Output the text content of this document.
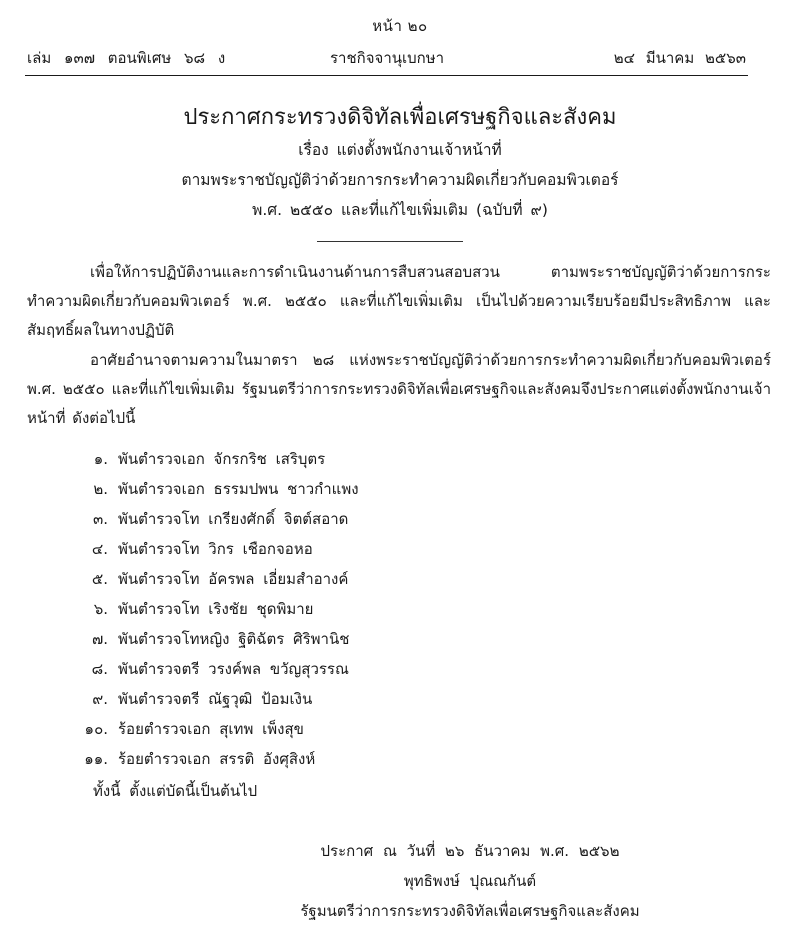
หน้า ๒๐
เล่ม ๑๓๗ ตอนพิเศษ ๖๘ ง	ราชกิจจานุเบกษา	๒๔ มีนาคม ๒๕๖๓
ประกาศกระทรวงดิจิทัลเพื่อเศรษฐกิจและสังคม
เรื่อง แต่งตั้งพนักงานเจ้าหน้าที่
ตามพระราชบัญญัติว่าด้วยการกระทำความผิดเกี่ยวกับคอมพิวเตอร์
พ.ศ. ๒๕๕๐ และที่แก้ไขเพิ่มเติม (ฉบับที่ ๙)
เพื่อให้การปฏิบัติงานและการดำเนินงานด้านการสืบสวนสอบสวน ตามพระราชบัญญัติว่าด้วยการกระทำความผิดเกี่ยวกับคอมพิวเตอร์ พ.ศ. ๒๕๕๐ และที่แก้ไขเพิ่มเติม เป็นไปด้วยความเรียบร้อยมีประสิทธิภาพ และสัมฤทธิ์ผลในทางปฏิบัติ
อาศัยอำนาจตามความในมาตรา ๒๘ แห่งพระราชบัญญัติว่าด้วยการกระทำความผิดเกี่ยวกับคอมพิวเตอร์ พ.ศ. ๒๕๕๐ และที่แก้ไขเพิ่มเติม รัฐมนตรีว่าการกระทรวงดิจิทัลเพื่อเศรษฐกิจและสังคมจึงประกาศแต่งตั้งพนักงานเจ้าหน้าที่ ดังต่อไปนี้
๑. พันตำรวจเอก จักรกริช เสริบุตร
๒. พันตำรวจเอก ธรรมปพน ชาวกำแพง
๓. พันตำรวจโท เกรียงศักดิ์ จิตต์สอาด
๔. พันตำรวจโท วิกร เชือกจอหอ
๕. พันตำรวจโท อัครพล เอี่ยมสำอางค์
๖. พันตำรวจโท เริงชัย ชุดพิมาย
๗. พันตำรวจโทหญิง ฐิติฉัตร ศิริพานิช
๘. พันตำรวจตรี วรงค์พล ขวัญสุวรรณ
๙. พันตำรวจตรี ณัฐวุฒิ ป้อมเงิน
๑๐. ร้อยตำรวจเอก สุเทพ เพ็งสุข
๑๑. ร้อยตำรวจเอก สรรติ อังศุสิงห์
ทั้งนี้ ตั้งแต่บัดนี้เป็นต้นไป
ประกาศ ณ วันที่ ๒๖ ธันวาคม พ.ศ. ๒๕๖๒
พุทธิพงษ์ ปุณณกันต์
รัฐมนตรีว่าการกระทรวงดิจิทัลเพื่อเศรษฐกิจและสังคม
